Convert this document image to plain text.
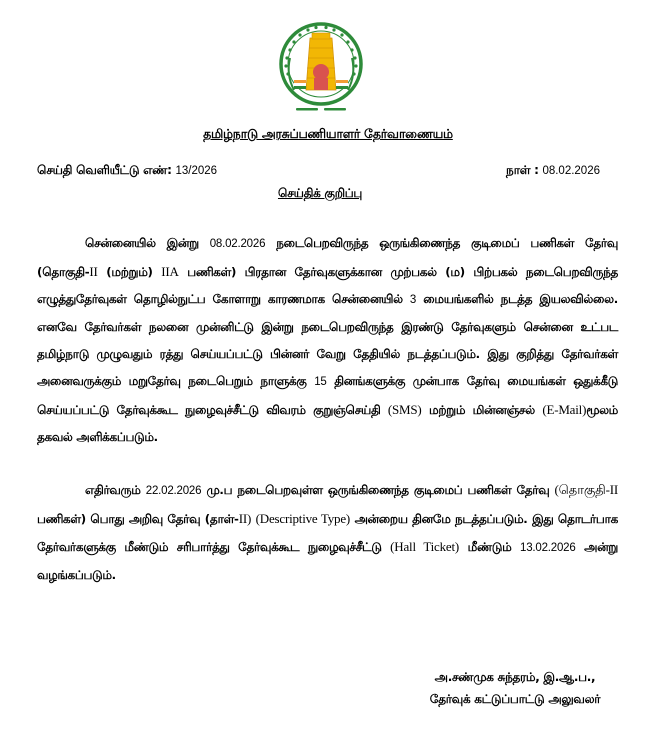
தமிழ்நாடு அரசுப்பணியாளர் தேர்வாணையம்
செய்தி வெளியீட்டு எண்: 13/2026	நாள் : 08.02.2026
செய்திக் குறிப்பு
சென்னையில் இன்று 08.02.2026 நடைபெறவிருந்த ஒருங்கிணைந்த குடிமைப் பணிகள் தேர்வு (தொகுதி-II (மற்றும்) IIA பணிகள்) பிரதான தேர்வுகளுக்கான முற்பகல் (ம) பிற்பகல் நடைபெறவிருந்த எழுத்துதேர்வுகள் தொழில்நுட்ப கோளாறு காரணமாக சென்னையில் 3 மையங்களில் நடத்த இயலவில்லை. எனவே தேர்வர்கள் நலனை முன்னிட்டு இன்று நடைபெறவிருந்த இரண்டு தேர்வுகளும் சென்னை உட்பட தமிழ்நாடு முழுவதும் ரத்து செய்யப்பட்டு பின்னர் வேறு தேதியில் நடத்தப்படும். இது குறித்து தேர்வர்கள் அனைவருக்கும் மறுதேர்வு நடைபெறும் நாளுக்கு 15 தினங்களுக்கு முன்பாக தேர்வு மையங்கள் ஒதுக்கீடு செய்யப்பட்டு தேர்வுக்கூட நுழைவுச்சீட்டு விவரம் குறுஞ்செய்தி (SMS) மற்றும் மின்னஞ்சல் (E-Mail)மூலம் தகவல் அளிக்கப்படும்.
எதிர்வரும் 22.02.2026 மு.ப நடைபெறவுள்ள ஒருங்கிணைந்த குடிமைப் பணிகள் தேர்வு (தொகுதி-II பணிகள்) பொது அறிவு தேர்வு (தாள்-II) (Descriptive Type) அன்றைய தினமே நடத்தப்படும். இது தொடர்பாக தேர்வர்களுக்கு மீண்டும் சரிபார்த்து தேர்வுக்கூட நுழைவுச்சீட்டு (Hall Ticket) மீண்டும் 13.02.2026 அன்று வழங்கப்படும்.
அ.சண்முக சுந்தரம், இ.ஆ.ப.,
தேர்வுக் கட்டுப்பாட்டு அலுவலர்
